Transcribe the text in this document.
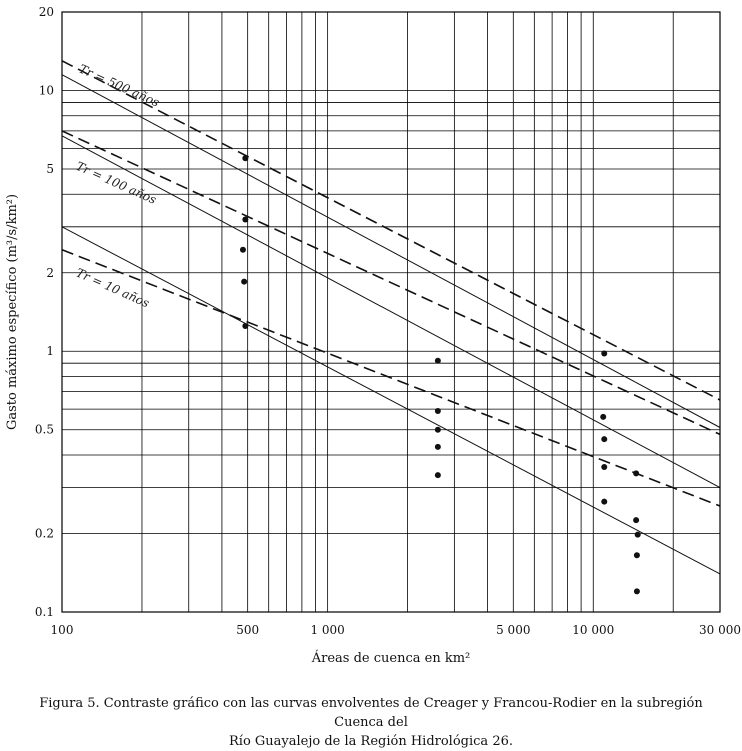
Tr = 500 años
Tr = 100 años
Tr = 10 años
100	500	1 000	5 000	10 000	30 000
0.1
0.2
0.5
1
2
5
10
20
Áreas de cuenca en km²
Gasto máximo específico (m³/s/km²)
Figura 5. Contraste gráfico con las curvas envolventes de Creager y Francou-Rodier en la subregión Cuenca del
Río Guayalejo de la Región Hidrológica 26.
